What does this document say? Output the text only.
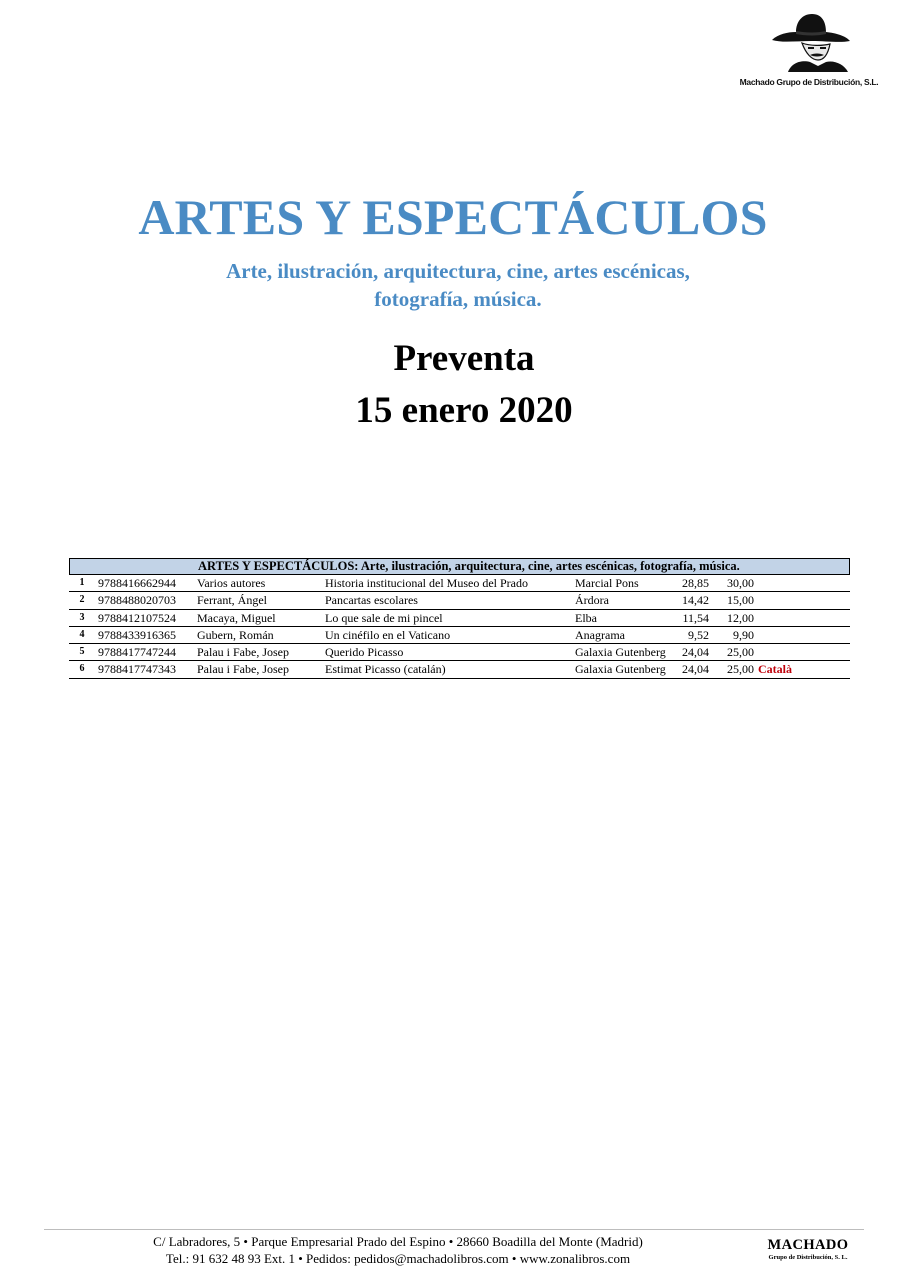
Machado Grupo de Distribución, S.L.
ARTES Y ESPECTÁCULOS
Arte, ilustración, arquitectura, cine, artes escénicas,
fotografía, música.
Preventa
15 enero 2020
ARTES Y ESPECTÁCULOS: Arte, ilustración, arquitectura, cine, artes escénicas, fotografía, música.
1	9788416662944 Varios autores	Historia institucional del Museo del Prado	Marcial Pons	28,85	30,00
2	9788488020703 Ferrant, Ángel	Pancartas escolares	Árdora	14,42	15,00
3	9788412107524 Macaya, Miguel	Lo que sale de mi pincel	Elba	11,54	12,00
4	9788433916365 Gubern, Román	Un cinéfilo en el Vaticano	Anagrama	9,52	9,90
5	9788417747244 Palau i Fabe, Josep	Querido Picasso	Galaxia Gutenberg	24,04	25,00
6	9788417747343 Palau i Fabe, Josep	Estimat Picasso (catalán)	Galaxia Gutenberg	24,04	25,00 Català
C/ Labradores, 5 • Parque Empresarial Prado del Espino • 28660 Boadilla del Monte (Madrid)
Tel.: 91 632 48 93 Ext. 1 • Pedidos: pedidos@machadolibros.com • www.zonalibros.com
MACHADO
Grupo de Distribución, S. L.
